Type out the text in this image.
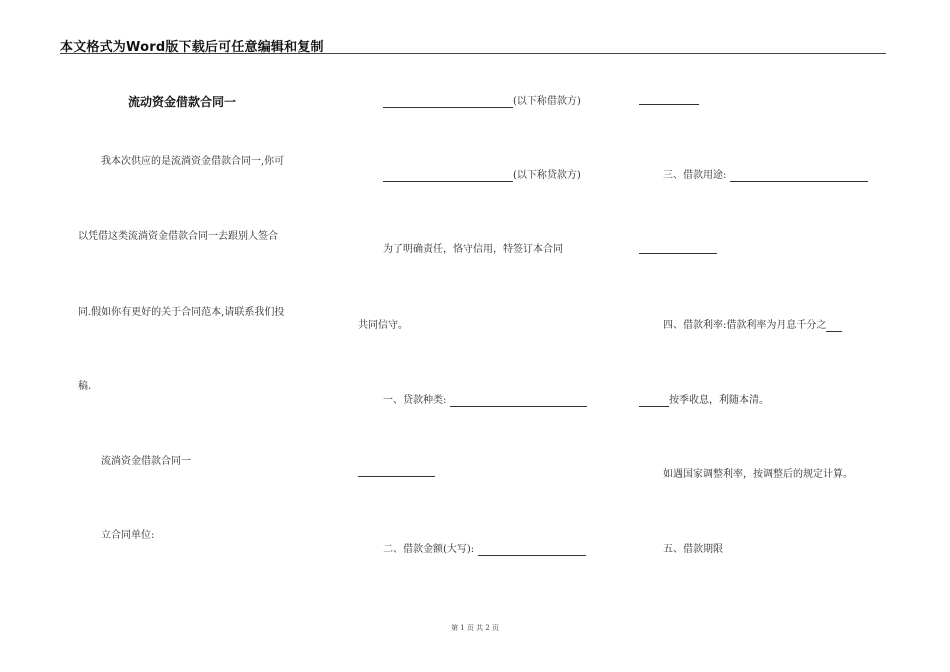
本文格式为Word版下载后可任意编辑和复制
流动资金借款合同一
我本次供应的是流淌资金借款合同一,你可
以凭借这类流淌资金借款合同一去跟别人签合
同.假如你有更好的关于合同范本,请联系我们投
稿.
流淌资金借款合同一
立合同单位:
(以下称借款方)
(以下称贷款方)
为了明确责任，恪守信用，特签订本合同
共同信守。
一、贷款种类:
二、借款金额(大写):
三、借款用途:
四、借款利率:借款利率为月息千分之
按季收息，利随本清。
如遇国家调整利率，按调整后的规定计算。
五、借款期限
第 1 页 共 2 页
